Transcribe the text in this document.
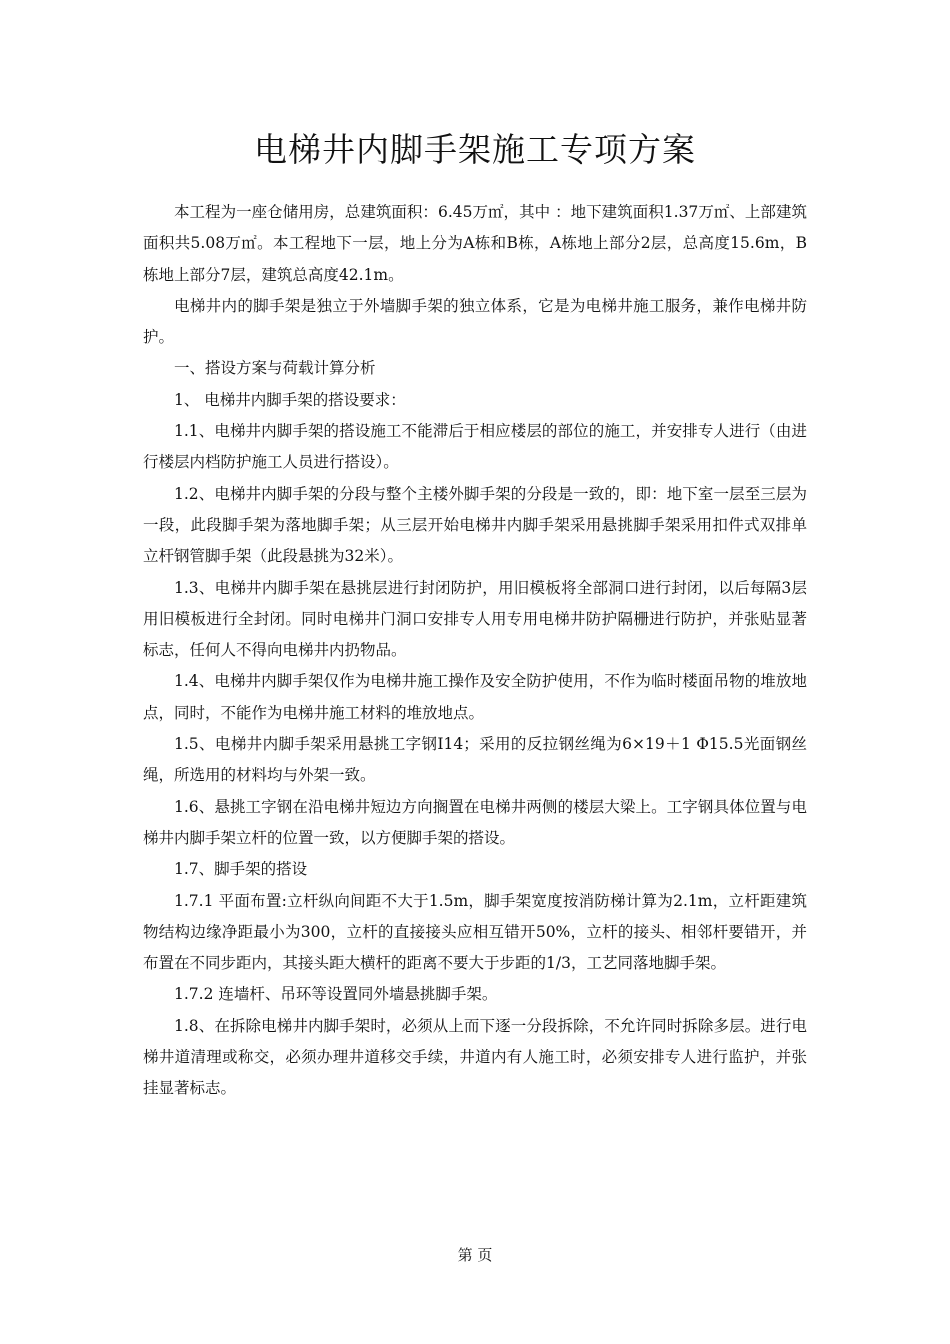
电梯井内脚手架施工专项方案

本工程为一座仓储用房，总建筑面积：6.45万㎡，其中 ：地下建筑面积1.37万㎡、上部建筑面积共5.08万㎡。本工程地下一层，地上分为A栋和B栋，A栋地上部分2层，总高度15.6m，B栋地上部分7层，建筑总高度42.1m。

电梯井内的脚手架是独立于外墙脚手架的独立体系，它是为电梯井施工服务，兼作电梯井防护。

一、搭设方案与荷载计算分析

1、 电梯井内脚手架的搭设要求：

1.1、电梯井内脚手架的搭设施工不能滞后于相应楼层的部位的施工，并安排专人进行（由进行楼层内档防护施工人员进行搭设）。

1.2、电梯井内脚手架的分段与整个主楼外脚手架的分段是一致的，即：地下室一层至三层为一段，此段脚手架为落地脚手架；从三层开始电梯井内脚手架采用悬挑脚手架采用扣件式双排单立杆钢管脚手架（此段悬挑为32米）。

1.3、电梯井内脚手架在悬挑层进行封闭防护，用旧模板将全部洞口进行封闭，以后每隔3层用旧模板进行全封闭。同时电梯井门洞口安排专人用专用电梯井防护隔栅进行防护，并张贴显著标志，任何人不得向电梯井内扔物品。

1.4、电梯井内脚手架仅作为电梯井施工操作及安全防护使用，不作为临时楼面吊物的堆放地点，同时，不能作为电梯井施工材料的堆放地点。

1.5、电梯井内脚手架采用悬挑工字钢I14；采用的反拉钢丝绳为6×19＋1 Φ15.5光面钢丝绳，所选用的材料均与外架一致。

1.6、悬挑工字钢在沿电梯井短边方向搁置在电梯井两侧的楼层大梁上。工字钢具体位置与电梯井内脚手架立杆的位置一致，以方便脚手架的搭设。

1.7、脚手架的搭设

1.7.1 平面布置:立杆纵向间距不大于1.5m，脚手架宽度按消防梯计算为2.1m，立杆距建筑物结构边缘净距最小为300，立杆的直接接头应相互错开50%，立杆的接头、相邻杆要错开，并布置在不同步距内，其接头距大横杆的距离不要大于步距的1/3，工艺同落地脚手架。

1.7.2 连墙杆、吊环等设置同外墙悬挑脚手架。

1.8、在拆除电梯井内脚手架时，必须从上而下逐一分段拆除，不允许同时拆除多层。进行电梯井道清理或称交，必须办理井道移交手续，井道内有人施工时，必须安排专人进行监护，并张挂显著标志。

第 页
